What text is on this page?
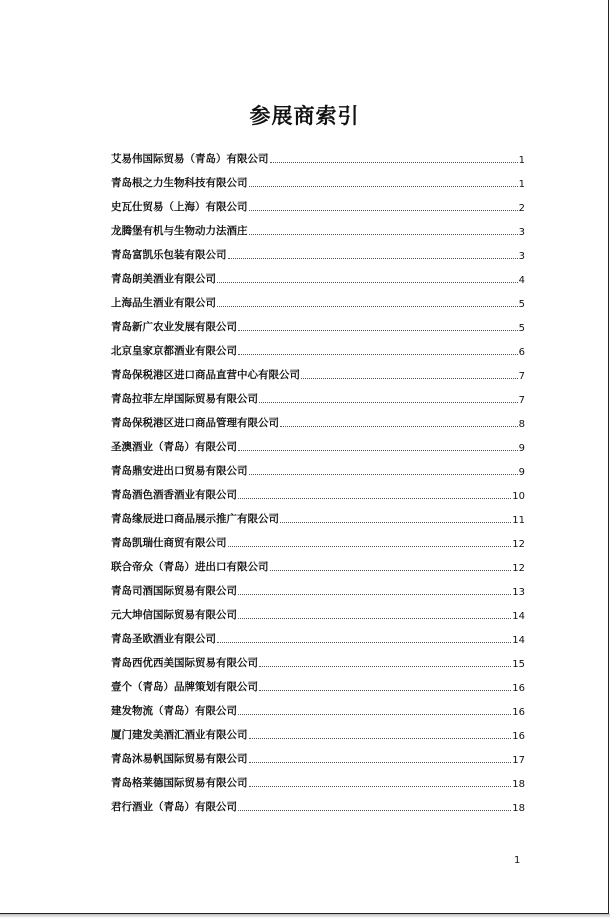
参展商索引
艾易伟国际贸易（青岛）有限公司	1
青岛根之力生物科技有限公司	1
史瓦仕贸易（上海）有限公司	2
龙腾堡有机与生物动力法酒庄	3
青岛富凯乐包装有限公司	3
青岛朗美酒业有限公司	4
上海品生酒业有限公司	5
青岛新广农业发展有限公司	5
北京皇家京都酒业有限公司	6
青岛保税港区进口商品直营中心有限公司	7
青岛拉菲左岸国际贸易有限公司	7
青岛保税港区进口商品管理有限公司	8
圣澳酒业（青岛）有限公司	9
青岛鼎安进出口贸易有限公司	9
青岛酒色酒香酒业有限公司	10
青岛缘辰进口商品展示推广有限公司	11
青岛凯瑞仕商贸有限公司	12
联合帝众（青岛）进出口有限公司	12
青岛司酒国际贸易有限公司	13
元大坤信国际贸易有限公司	14
青岛圣欧酒业有限公司	14
青岛西优西美国际贸易有限公司	15
壹个（青岛）品牌策划有限公司	16
建发物流（青岛）有限公司	16
厦门建发美酒汇酒业有限公司	16
青岛沐易帆国际贸易有限公司	17
青岛格莱德国际贸易有限公司	18
君行酒业（青岛）有限公司	18
1
